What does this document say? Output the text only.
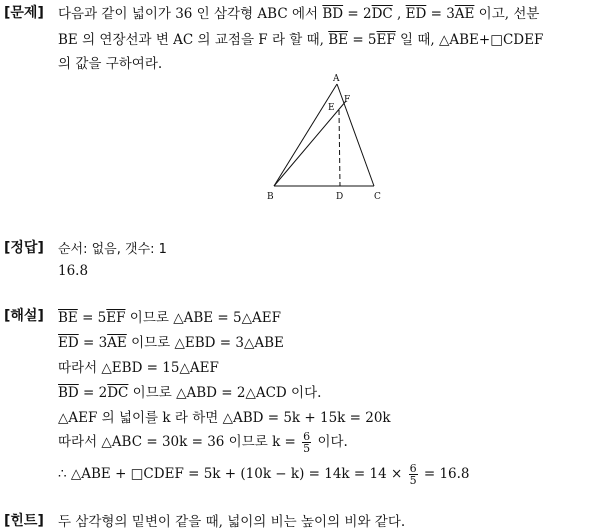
[문제] 다음과 같이 넓이가 36 인 삼각형 ABC 에서 $\overline{BD} = 2\overline{DC}$ , $\overline{ED} = 3\overline{AE}$ 이고, 선분
BE 의 연장선과 변 AC 의 교점을 F 라 할 때, $\overline{BE} = 5\overline{EF}$ 일 때, △ABE+□CDEF
의 값을 구하여라.
A
B	C
D
E
F
[정답] 순서: 없음, 갯수: 1
16.8
[해설] $\overline{BE} = 5\overline{EF}$ 이므로 △ABE = 5△AEF
$\overline{ED} = 3\overline{AE}$ 이므로 △EBD = 3△ABE
따라서 △EBD = 15△AEF
$\overline{BD} = 2\overline{DC}$ 이므로 △ABD = 2△ACD 이다.
△AEF 의 넓이를 k 라 하면 △ABD = 5k + 15k = 20k
따라서 △ABC = 30k = 36 이므로 $k = \frac{6}{5}$ 이다.
∴ △ABE + □CDEF = $5k + (10k - k) = 14k = 14 \times \frac{6}{5} = 16.8$
[힌트] 두 삼각형의 밑변이 같을 때, 넓이의 비는 높이의 비와 같다.
